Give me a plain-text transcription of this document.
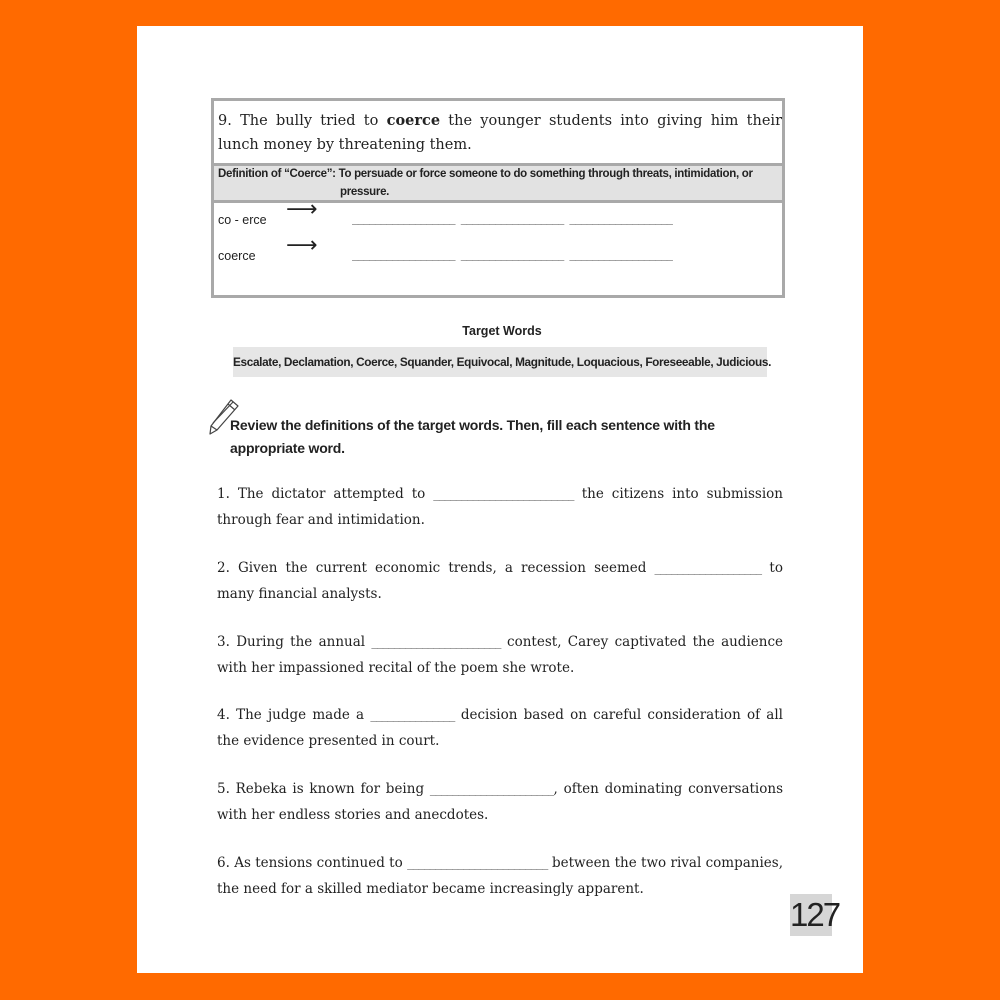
9. The bully tried to coerce the younger students into giving him their lunch money by threatening them.
Definition of “Coerce”: To persuade or force someone to do something through threats, intimidation, or
pressure.
co - erce ⟶	__________________ __________________ __________________
coerce ⟶	__________________ __________________ __________________
Target Words
Escalate, Declamation, Coerce, Squander, Equivocal, Magnitude, Loquacious, Foreseeable, Judicious.
Review the definitions of the target words. Then, fill each sentence with the appropriate word.
1. The dictator attempted to _________________________ the citizens into submission through fear and intimidation.
2. Given the current economic trends, a recession seemed ___________________ to many financial analysts.
3. During the annual _______________________ contest, Carey captivated the audience with her impassioned recital of the poem she wrote.
4. The judge made a _______________ decision based on careful consideration of all the evidence presented in court.
5. Rebeka is known for being ______________________, often dominating conversations with her endless stories and anecdotes.
6. As tensions continued to _________________________ between the two rival companies, the need for a skilled mediator became increasingly apparent.
127
